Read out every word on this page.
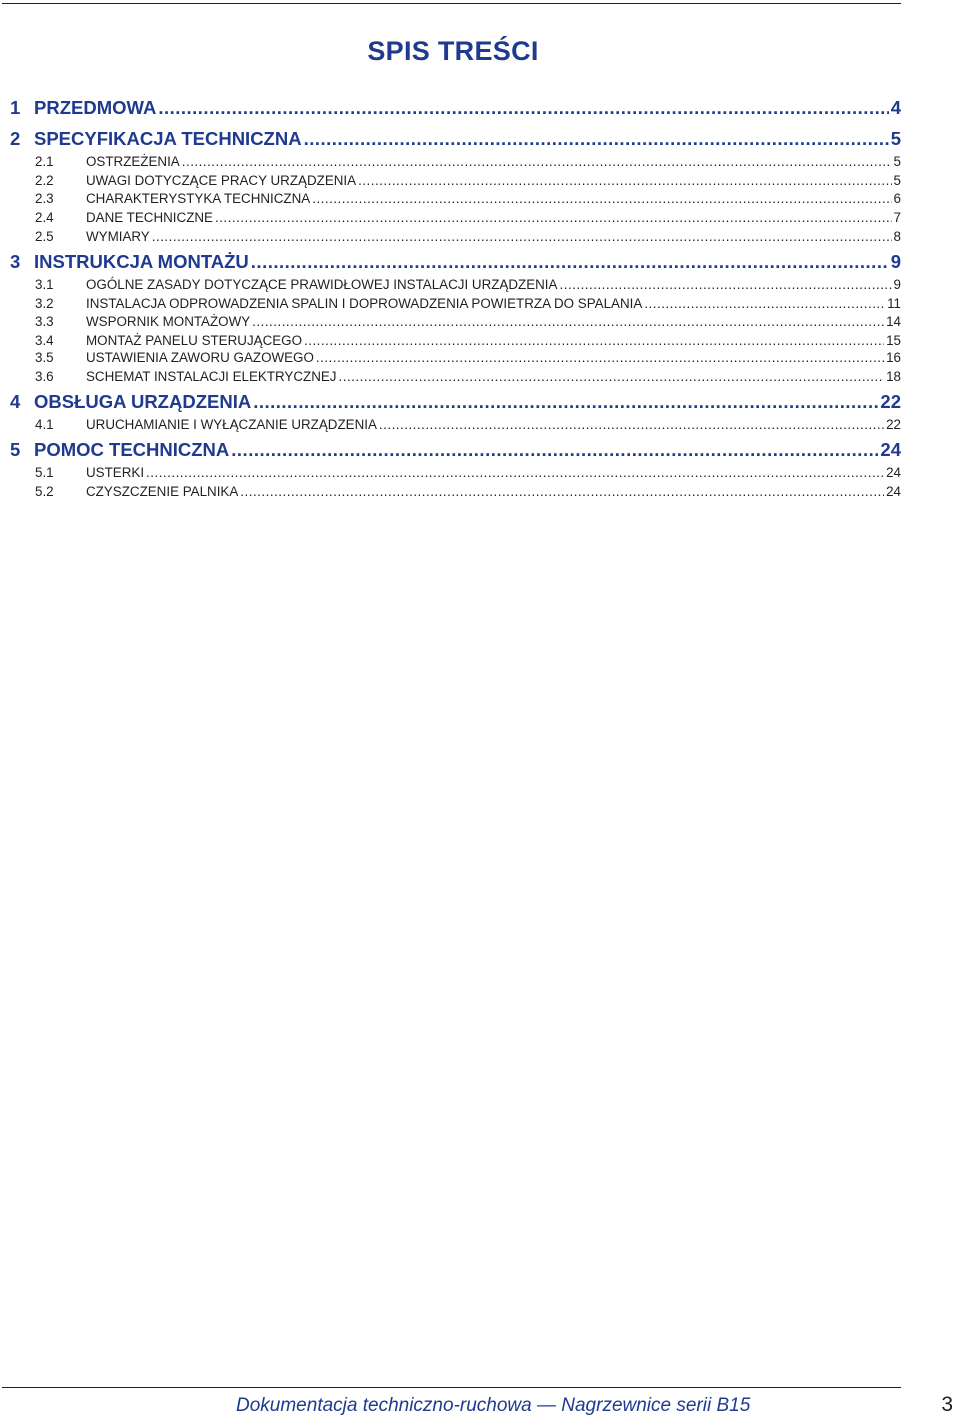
SPIS TREŚCI
1 PRZEDMOWA .....	4
2 SPECYFIKACJA TECHNICZNA .....	5
2.1	OSTRZEŻENIA .....	5
2.2	UWAGI DOTYCZĄCE PRACY URZĄDZENIA .....	5
2.3	CHARAKTERYSTYKA TECHNICZNA .....	6
2.4	DANE TECHNICZNE .....	7
2.5	WYMIARY .....	8
3 INSTRUKCJA MONTAŻU .....	9
3.1	OGÓLNE ZASADY DOTYCZĄCE PRAWIDŁOWEJ INSTALACJI URZĄDZENIA .....	9
3.2	INSTALACJA ODPROWADZENIA SPALIN I DOPROWADZENIA POWIETRZA DO SPALANIA .....	11
3.3	WSPORNIK MONTAŻOWY .....	14
3.4	MONTAŻ PANELU STERUJĄCEGO .....	15
3.5	USTAWIENIA ZAWORU GAZOWEGO .....	16
3.6	SCHEMAT INSTALACJI ELEKTRYCZNEJ .....	18
4 OBSŁUGA URZĄDZENIA .....	22
4.1	URUCHAMIANIE I WYŁĄCZANIE URZĄDZENIA .....	22
5 POMOC TECHNICZNA .....	24
5.1	USTERKI .....	24
5.2	CZYSZCZENIE PALNIKA .....	24
Dokumentacja techniczno-ruchowa — Nagrzewnice serii B15	3
